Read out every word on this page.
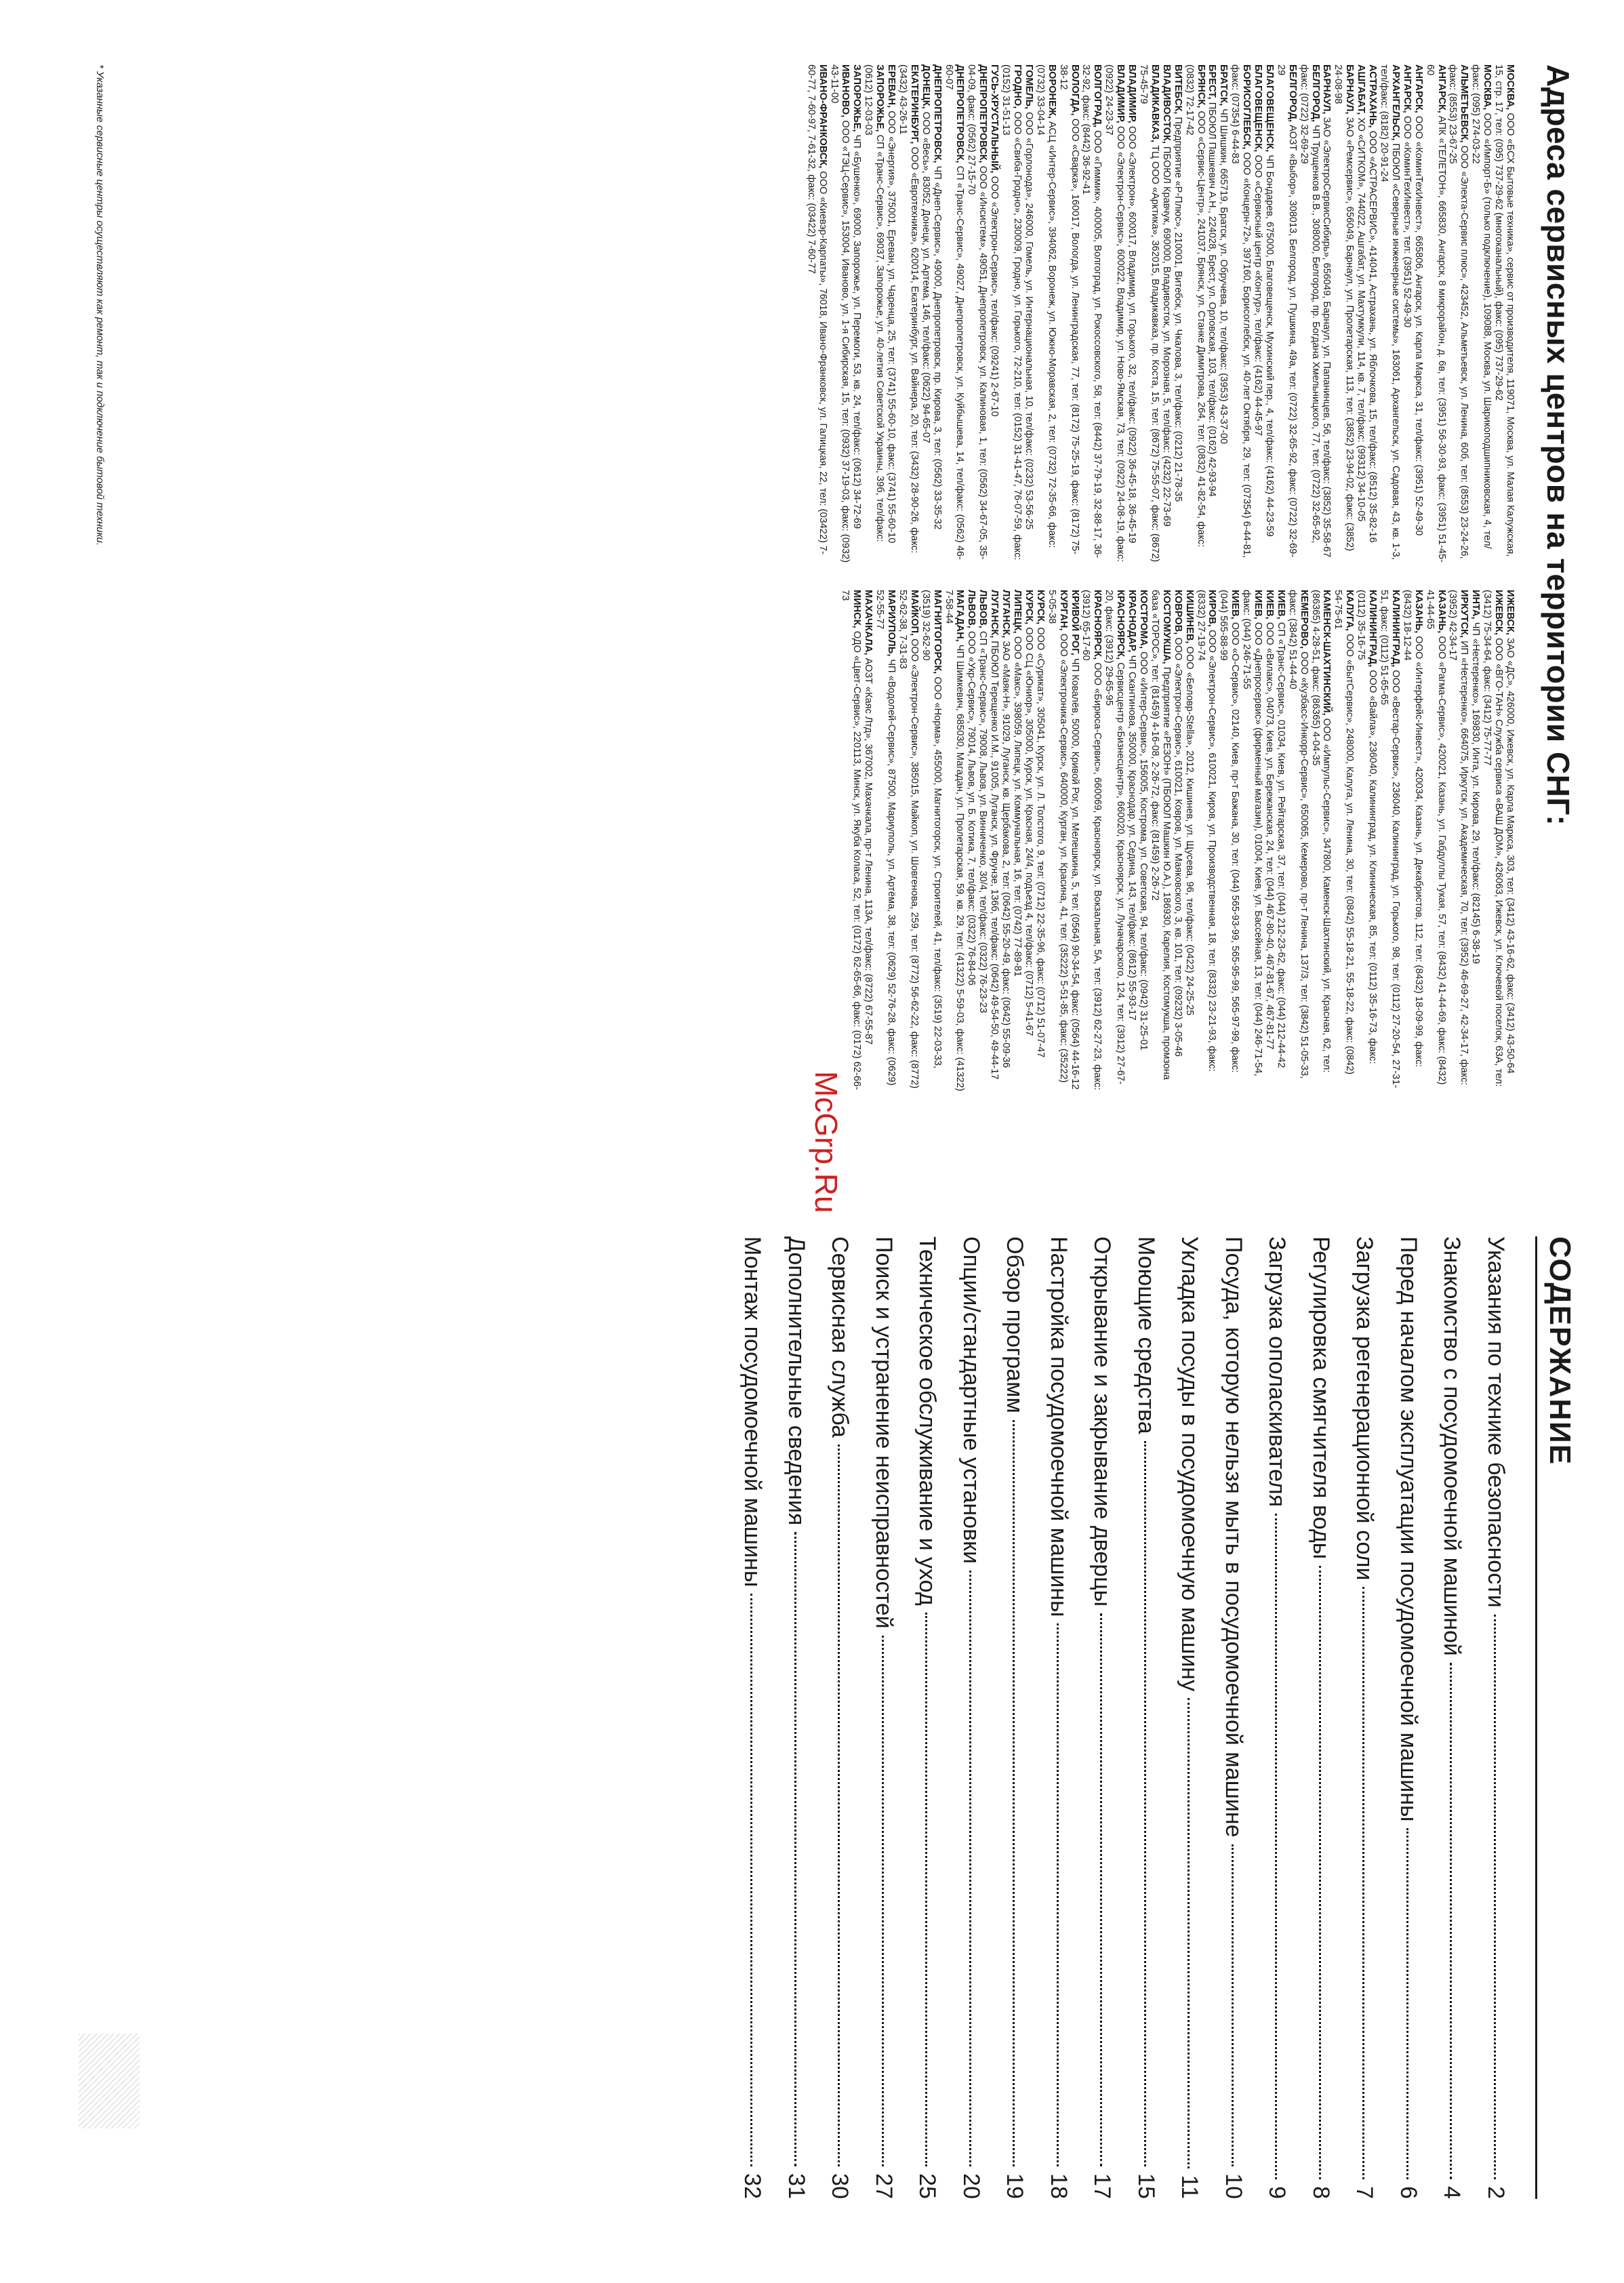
Адреса сервисных центров на территории СНГ:

МОСКВА, ООО «БСХ Бытовые техника», сервис от производителя, 119071, Москва, ул. Малая Калужская, 15, стр. 17, тел: (095) 737-29-62 (многоканальный), факс: (095) 737-29-62

МОСКВА, ООО «Импорт-Б» (только подключение), 109088, Москва, ул. Шарикоподшипниковская, 4, тел/факс: (095) 274-03-22

АЛЬМЕТЬЕВСК, ООО «Электа-Сервис плюс», 423452, Альметьевск, ул. Ленина, 60б, тел: (8553) 23-24-26, факс: (8553) 23-67-25

АНГАРСК, АПК «ТЕЛЕТОН», 665830, Ангарск, 8 микрорайон, д. 6в, тел: (3951) 56-30-93, факс: (3951) 51-45-60

АНГАРСК, ООО «КоминТехИнвест», 665806, Ангарск, ул. Карла Маркса, 31, тел/факс: (3951) 52-49-30

АНГАРСК, ООО «КоминТехИнвест», тел: (3951) 52-49-30

АРХАНГЕЛЬСК, ПБОЮЛ «Северные инженерные системы», 163061, Архангельск, ул. Садовая, 43, кв. 1-3, тел/факс: (8182) 20-91-24

АСТРАХАНЬ, ООО «АСТРАСЕРВИС», 414041, Астрахань, ул. Яблочкова, 15, тел/факс: (8512) 35-82-16

АШГАБАТ, ХО «СИТКОМ», 744022, Ашгабат, ул. Махтумкули, 114, кв. 7, тел/факс: (99312) 34-10-05

БАРНАУЛ, ЗАО «Ремсервис», 656049, Барнаул, ул. Пролетарская, 113, тел: (3852) 23-94-02, факс: (3852) 24-08-98

БАРНАУЛ, ЗАО «ЭлектроСервисСибирь», 656049, Барнаул, ул. Папанинцев, 56, тел/факс: (3852) 35-58-67

БЕЛГОРОД, ЧП Трущенков В.В., 308000, Белгород, пр. Богдана Хмельницкого, 77, тел: (0722) 32-65-92, факс: (0722) 32-69-29

БЕЛГОРОД, АОЗТ «Выбор», 308013, Белгород, ул. Пушкина, 49а, тел: (0722) 32-65-92, факс: (0722) 32-69-29

БЛАГОВЕЩЕНСК, ЧП Бондарев, 675000, Благовещенск, Мухинский пер., 4, тел/факс: (4162) 44-23-59

БЛАГОВЕЩЕНСК, ООО «Сервисный центр «Контур», тел/факс: (4162) 44-45-97

БОРИСОГЛЕБСК, ООО «Концерн-72», 397160, Борисоглебск, ул. 40-лет Октября, 29, тел: (07354) 6-44-81, факс: (07354) 6-44-83

БРАТСК, ЧП Шишкин, 665719, Братск, ул. Обручева, 10, тел/факс: (3953) 43-37-00

БРЕСТ, ПБОЮЛ Пашкевич А.Н., 224028, Брест, ул. Орловская, 103, тел/факс: (0162) 42-93-94

БРЯНСК, ООО «Сервис-Центр», 241037, Брянск, ул. Станке Димитрова, 264, тел: (0832) 41-82-54, факс: (0832) 72-17-42

ВИТЕБСК, Предприятие «Р-Плюс», 210001, Витебск, ул. Чкалова, 3, тел/факс: (0212) 21-78-35

ВЛАДИВОСТОК, ПБОЮЛ Кравчук, 690000, Владивосток, ул. Морозная, 5, тел/факс: (4232) 22-73-69

ВЛАДИКАВКАЗ, ТЦ ООО «Арктика», 362015, Владикавказ, пр. Коста, 15, тел: (8672) 75-55-07, факс: (8672) 75-45-79

ВЛАДИМИР, ООО «Электрон», 600017, Владимир, ул. Горького, 32, тел/факс: (0922) 36-45-18, 36-45-19

ВЛАДИМИР, ООО «Электрон-Сервис», 600022, Владимир, ул. Ново-Ямская, 73, тел: (0922) 24-08-19, факс: (0922) 24-23-37

ВОЛГОГРАД, ООО «Гиммик», 400005, Волгоград, ул. Рокоссовского, 58, тел: (8442) 37-79-19, 32-88-17, 36-32-92, факс: (8442) 36-92-41

ВОЛОГДА, ООО «Сварка», 160017, Вологда, ул. Ленинградская, 77, тел: (8172) 75-25-19, факс: (8172) 75-38-12

ВОРОНЕЖ, АСЦ «Интер-Сервис», 394062, Воронеж, ул. Южно-Моравская, 2, тел: (0732) 72-35-66, факс: (0732) 33-04-14

ГОМЕЛЬ, ООО «Горлонода», 246000, Гомель, ул. Интернациональная, 10, тел/факс: (0232) 53-56-25

ГРОДНО, ООО «Свиба-Гродно», 230009, Гродно, ул. Горького, 72-210, тел: (0152) 31-41-47, 76-07-59, факс: (0152) 31-51-13

ГУСЬ-ХРУСТАЛЬНЫЙ, ООО «Электрон-Сервис», тел/факс: (09241) 2-67-10

ДНЕПРОПЕТРОВСК, ООО «Инсистем», 49051, Днепропетровск, ул. Калиновая, 1, тел: (0562) 34-67-05, 35-04-09, факс: (0562) 27-15-70

ДНЕПРОПЕТРОВСК, СП «Транс-Сервис», 49027, Днепропетровск, ул. Куйбышева, 14, тел/факс: (0562) 46-60-07

ДНЕПРОПЕТРОВСК, ЧП «Днеп-Сервис», 49000, Днепропетровск, пр. Кирова, 3, тел: (0562) 33-35-32

ДОНЕЦК, ООО «Весь», 83052, Донецк, ул. Артема, 146, тел/факс: (0622) 94-65-07

ЕКАТЕРИНБУРГ, ООО «Евротехника», 620014, Екатеринбург, ул. Вайнера, 20, тел: (3432) 28-90-26, факс: (3432) 43-26-11

ЕРЕВАН, ООО «Энергия», 375001, Ереван, ул. Чаренца, 25, тел: (3741) 55-60-10, факс: (3741) 55-60-10

ЗАПОРОЖЬЕ, СП «Транс-Сервис», 69037, Запорожье, ул. 40-летия Советской Украины, 39б, тел/факс: (0612) 12-03-03

ЗАПОРОЖЬЕ, ЧП «Бушенко», 69000, Запорожье, ул. Перемоги, 53, кв. 24, тел/факс: (0612) 34-72-69

ИВАНОВО, ООО «ТЭЦ-Сервис», 153004, Иваново, ул. 1-я Сибирская, 15, тел: (0932) 37-19-03, факс: (0932) 43-11-00

ИВАНО-ФРАНКОВСК, ООО «Киевэр-Карпаты», 76018, Ивано-Франковск, ул. Галицкая, 22, тел: (03422) 7-60-77, 7-60-97, 7-61-32, факс: (03422) 7-60-77

ИЖЕВСК, ЗАО «ДС», 426000, Ижевск, ул. Карла Маркса, 303, тел: (3412) 43-16-62, факс: (3412) 43-50-64

ИЖЕВСК, ООО «ВГО-ТАН» Служба сервиса «ВАШ ДОМ», 426063, Ижевск, ул. Ключевой поселок, 63А, тел: (3412) 75-34-64, факс: (3412) 75-77-77

ИНТА, ЧП «Нестеренко», 169830, Инта, ул. Кирова, 29, тел/факс: (82145) 6-38-19

ИРКУТСК, ИП «Нестеренко», 664075, Иркутск, ул. Академическая, 70, тел: (3952) 46-69-27, 42-34-17, факс: (3952) 42-34-17

КАЗАНЬ, ООО «Рагма-Сервис», 420021, Казань, ул. Габдуллы Тукая, 57, тел: (8432) 41-44-69, факс: (8432) 41-44-65

КАЗАНЬ, ООО «Интерфейс-Инвест», 420034, Казань, ул. Декабристов, 112, тел: (8432) 18-09-99, факс: (8432) 18-12-44

КАЛИНИНГРАД, ООО «Вестар-Сервис», 236040, Калининград, ул. Горького, 98, тел: (0112) 27-20-54, 27-31-51, факс: (0112) 51-65-65

КАЛИНИНГРАД, ООО «Вайла», 236040, Калининград, ул. Клиническая, 85, тел: (0112) 35-16-73, факс: (0112) 35-16-75

КАЛУГА, ООО «БытСервис», 248000, Калуга, ул. Ленина, 30, тел: (0842) 55-18-21, 55-18-22, факс: (0842) 54-75-61

КАМЕНСК-ШАХТИНСКИЙ, ООО «Импульс-Сервис», 347800, Каменск-Шахтинский, ул. Красная, 62, тел: (86365) 4-28-51, факс: (86365) 4-04-35

КЕМЕРОВО, ООО «Кузбасс-Инкорр-Сервис», 650065, Кемерово, пр-т Ленина, 137/3, тел: (3842) 51-05-33, факс: (3842) 51-44-40

КИЕВ, СП «Транс-Сервис», 01034, Киев, ул. Рейтарская, 37, тел: (044) 212-23-62, факс: (044) 212-44-42

КИЕВ, ООО «Вилакс», 04073, Киев, ул. Бережанская, 24, тел: (044) 467-80-40, 467-81-67, 467-81-77

КИЕВ, ООО «Днепросервис» (фирменный магазин), 01004, Киев, ул. Бассейная, 13, тел: (044) 246-71-54, факс: (044) 246-71-55

КИЕВ, ООО «О-Сервис», 02140, Киев, пр-т Бажана, 30, тел: (044) 565-93-99, 565-95-99, 565-97-99, факс: (044) 565-88-99

КИРОВ, ООО «Электрон-Сервис», 610021, Киров, ул. Производственная, 18, тел: (8332) 23-21-93, факс: (8332) 27-19-74

КИШИНЕВ, ООО «Беловр-Stella», 2012, Кишинев, ул. Щусева, 96, тел/факс: (0422) 24-25-25

КОВРОВ, ООО «Электрон-Сервис», 610021, Ковров, ул. Маяковского, 3, кв. 101, тел: (09232) 3-05-46

КОСТОМУКША, Предприятие «РЕЗОН» (ПБОЮЛ Машкин Ю.А.), 186930, Карелия, Костомукша, промзона база «ТОРОС», тел: (81459) 4-16-08, 2-26-72, факс: (81459) 2-26-72

КОСТРОМА, ООО «Интер-Сервис», 156005, Кострома, ул. Советская, 94, тел/факс: (0942) 31-25-01

КРАСНОДАР, ЧП Скантинова, 350000, Краснодар, ул. Седина, 143, тел/факс: (8612) 55-93-17

КРАСНОЯРСК, Сервисцентр «Бизнесцентр», 660020, Красноярск, ул. Луначарского, 124, тел: (3912) 27-67-20, факс: (3912) 29-65-95

КРАСНОЯРСК, ООО «Бирюса-Сервис», 660069, Красноярск, ул. Вокзальная, 5А, тел: (3912) 62-27-23, факс: (3912) 65-17-60

КРИВОЙ РОГ, ЧП Ковалёв, 50000, Кривой Рог, ул. Мелешкина, 5, тел: (0564) 90-34-54, факс: (0564) 44-16-12

КУРГАН, ООО «Электроника-Сервис», 640000, Курган, ул. Красина, 41, тел: (35222) 5-51-85, факс: (35222) 5-05-38

КУРСК, ООО «Сурикат», 305041, Курск, ул. Л. Толстого, 9, тел: (0712) 22-35-96, факс: (0712) 51-07-47

КУРСК, ООО СЦ «Юниор», 305000, Курск, ул. Красная, 24/4, подъезд 4, тел/факс: (0712) 5-41-67

ЛИПЕЦК, ООО «Макс», 398059, Липецк, ул. Коммунальная, 16, тел: (0742) 77-89-81

ЛУГАНСК, ЗАО «Маяк-Н», 91029, Луганск, кв. Щербакова, 2, тел: (0642) 55-20-49, факс: (0642) 55-09-36

ЛУГАНСК, ПБОЮЛ Терещенко И.М., 91005, Луганск, ул. Фрунзе, 136б, тел/факс: (0642) 49-54-50, 49-44-17

ЛЬВОВ, СП «Транс-Сервис», 79008, Львов, ул. Винниченко, 30/4, тел/факс: (0322) 76-23-23

ЛЬВОВ, ООО «Укр-Сервис», 79014, Львов, ул. Б. Котика, 7, тел/факс: (0322) 76-84-06

МАГАДАН, ЧП Шимкевич, 685030, Магадан, ул. Пролетарская, 59, кв. 29, тел: (41322) 5-59-03, факс: (41322) 7-58-44

МАГНИТОГОРСК, ООО «Норма», 455000, Магнитогорск, ул. Строителей, 41, тел/факс: (3519) 22-03-33, (3519) 32-62-90

МАЙКОП, ООО «Электрон-Сервис», 385015, Майкоп, ул. Шовгенова, 259, тел: (8772) 56-62-22, факс: (8772) 52-62-38, 7-31-83

МАРИУПОЛЬ, ЧП «Водолей-Сервис», 87500, Мариуполь, ул. Артёма, 38, тел: (0629) 52-76-28, факс: (0629) 52-55-77

МАХАЧКАЛА, АОЗТ «Каяс Лтд», 367002, Махачкала, пр-т Ленина, 113А, тел/факс: (8722) 67-55-87

МИНСК, ОДО «Цвет-Сервис», 220113, Минск, ул. Якуба Коласа, 52, тел: (0172) 62-65-66, факс: (0172) 62-66-73

* Указанные сервисные центры осуществляют как ремонт, так и подключение бытовой техники.
СОДЕРЖАНИЕ
Указания по технике безопасности
2
Знакомство с посудомоечной машиной
4
Перед началом эксплуатации посудомоечной машины
6
Загрузка регенерационной соли
7
Регулировка смягчителя воды
8
Загрузка ополаскивателя
9
Посуда, которую нельзя мыть в посудомоечной машине
10
Укладка посуды в посудомоечную машину
11
Моющие средства
15
Открывание и закрывание дверцы
17
Настройка посудомоечной машины
18
Обзор программ
19
Опции/стандартные установки
20
Техническое обслуживание и уход
25
Поиск и устранение неисправностей
27
Сервисная служба
30
Дополнительные сведения
31
Монтаж посудомоечной машины
32
McGrp.Ru
